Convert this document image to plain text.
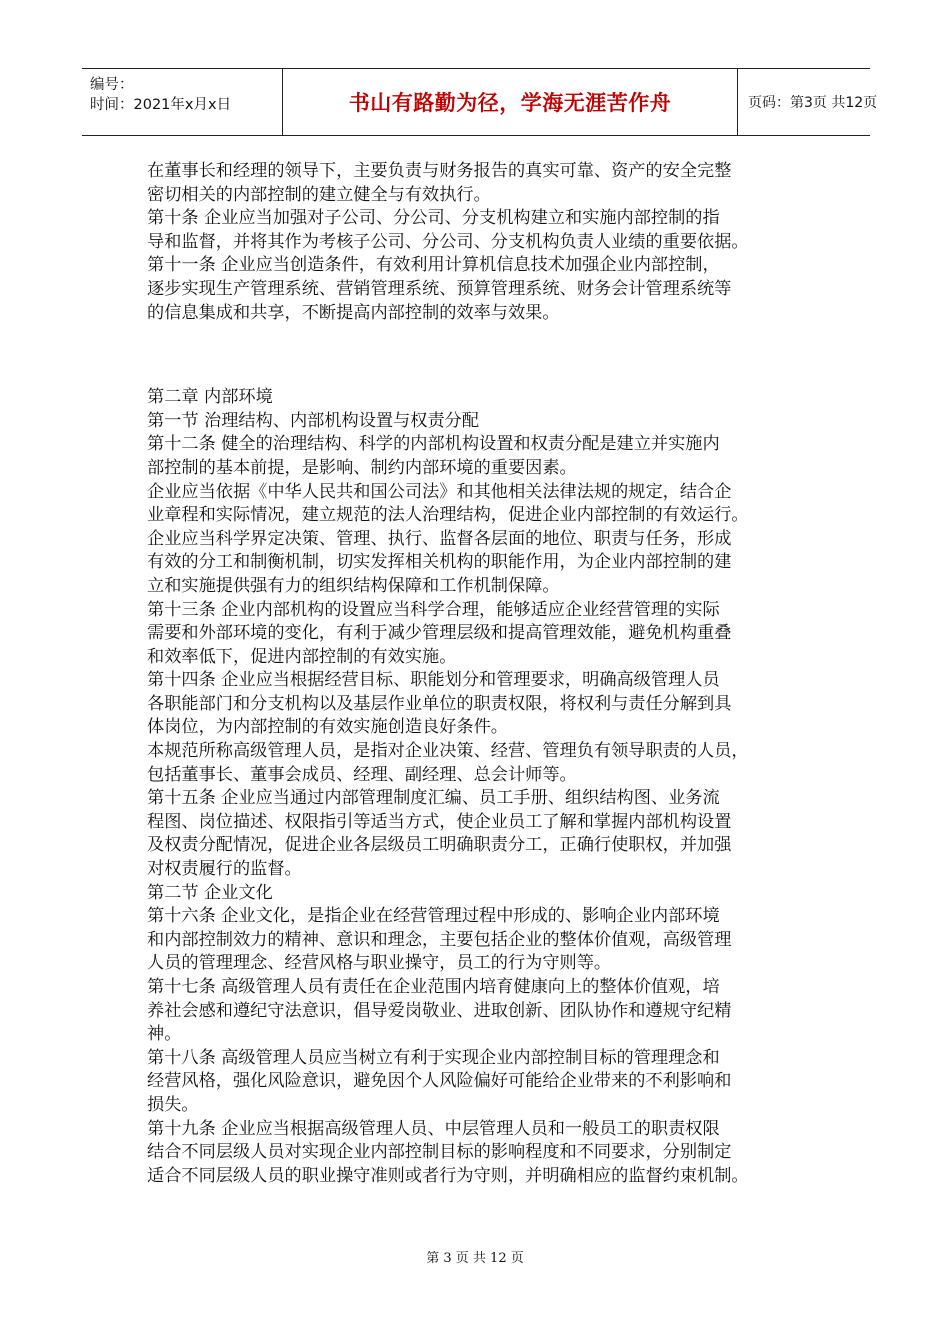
编号：
时间：2021年x月x日	书山有路勤为径，学海无涯苦作舟	页码：第3页 共12页
在董事长和经理的领导下，主要负责与财务报告的真实可靠、资产的安全完整
密切相关的内部控制的建立健全与有效执行。
第十条 企业应当加强对子公司、分公司、分支机构建立和实施内部控制的指
导和监督，并将其作为考核子公司、分公司、分支机构负责人业绩的重要依据。
第十一条 企业应当创造条件，有效利用计算机信息技术加强企业内部控制，
逐步实现生产管理系统、营销管理系统、预算管理系统、财务会计管理系统等
的信息集成和共享，不断提高内部控制的效率与效果。
第二章 内部环境
第一节 治理结构、内部机构设置与权责分配
第十二条 健全的治理结构、科学的内部机构设置和权责分配是建立并实施内
部控制的基本前提，是影响、制约内部环境的重要因素。
企业应当依据《中华人民共和国公司法》和其他相关法律法规的规定，结合企
业章程和实际情况，建立规范的法人治理结构，促进企业内部控制的有效运行。
企业应当科学界定决策、管理、执行、监督各层面的地位、职责与任务，形成
有效的分工和制衡机制，切实发挥相关机构的职能作用，为企业内部控制的建
立和实施提供强有力的组织结构保障和工作机制保障。
第十三条 企业内部机构的设置应当科学合理，能够适应企业经营管理的实际
需要和外部环境的变化，有利于减少管理层级和提高管理效能，避免机构重叠
和效率低下，促进内部控制的有效实施。
第十四条 企业应当根据经营目标、职能划分和管理要求，明确高级管理人员
各职能部门和分支机构以及基层作业单位的职责权限，将权利与责任分解到具
体岗位，为内部控制的有效实施创造良好条件。
本规范所称高级管理人员，是指对企业决策、经营、管理负有领导职责的人员，
包括董事长、董事会成员、经理、副经理、总会计师等。
第十五条 企业应当通过内部管理制度汇编、员工手册、组织结构图、业务流
程图、岗位描述、权限指引等适当方式，使企业员工了解和掌握内部机构设置
及权责分配情况，促进企业各层级员工明确职责分工，正确行使职权，并加强
对权责履行的监督。
第二节 企业文化
第十六条 企业文化，是指企业在经营管理过程中形成的、影响企业内部环境
和内部控制效力的精神、意识和理念，主要包括企业的整体价值观，高级管理
人员的管理理念、经营风格与职业操守，员工的行为守则等。
第十七条 高级管理人员有责任在企业范围内培育健康向上的整体价值观，培
养社会感和遵纪守法意识，倡导爱岗敬业、进取创新、团队协作和遵规守纪精
神。
第十八条 高级管理人员应当树立有利于实现企业内部控制目标的管理理念和
经营风格，强化风险意识，避免因个人风险偏好可能给企业带来的不利影响和
损失。
第十九条 企业应当根据高级管理人员、中层管理人员和一般员工的职责权限
结合不同层级人员对实现企业内部控制目标的影响程度和不同要求，分别制定
适合不同层级人员的职业操守准则或者行为守则，并明确相应的监督约束机制。
第 3 页 共 12 页
